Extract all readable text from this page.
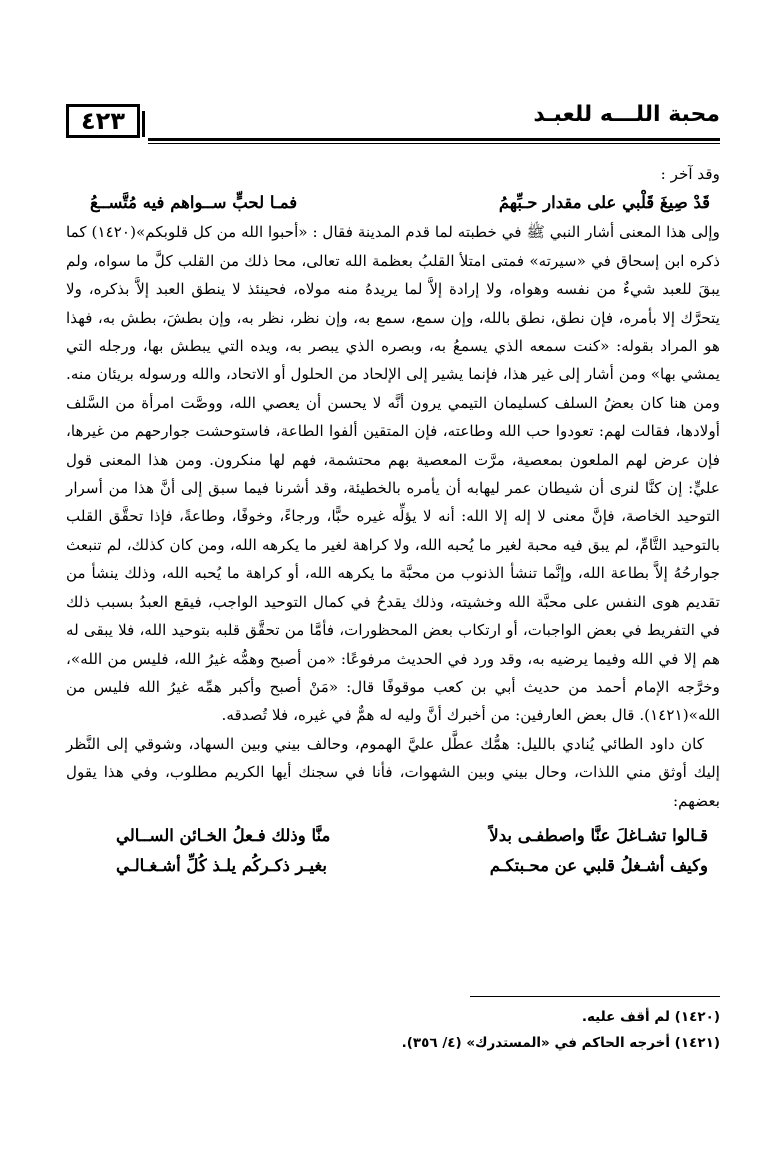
٤٢٣	محبة اللـــه للعبـد

وقد آخر :

قَدْ صِيغَ قَلْبي على مقدار حـبِّهمُ
فمـا لحبٍّ ســواهم فيه مُتَّســعُ

وإلى هذا المعنى أشار النبي ﷺ في خطبته لما قدم المدينة فقال : «أحبوا الله من كل قلوبكم»(١٤٢٠) كما ذكره ابن إسحاق في «سيرته» فمتى امتلأ القلبُ بعظمة الله تعالى، محا ذلك من القلب كلَّ ما سواه، ولم يبقَ للعبد شيءٌ من نفسه وهواه، ولا إرادة إلاَّ لما يريدهُ منه مولاه، فحينئذ لا ينطق العبد إلاَّ بذكره، ولا يتحرَّك إلا بأمره، فإن نطق، نطق بالله، وإن سمع، سمع به، وإن نظر، نظر به، وإن بطشَ، بطش به، فهذا هو المراد بقوله: «كنت سمعه الذي يسمعُ به، وبصره الذي يبصر به، ويده التي يبطش بها، ورجله التي يمشي بها» ومن أشار إلى غير هذا، فإنما يشير إلى الإلحاد من الحلول أو الاتحاد، والله ورسوله بريئان منه. ومن هنا كان بعضُ السلف كسليمان التيمي يرون أنَّه لا يحسن أن يعصي الله، ووصَّت امرأة من السَّلف أولادها، فقالت لهم: تعودوا حب الله وطاعته، فإن المتقين ألفوا الطاعة، فاستوحشت جوارحهم من غيرها، فإن عرض لهم الملعون بمعصية، مرَّت المعصية بهم محتشمة، فهم لها منكرون. ومن هذا المعنى قول عليٍّ: إن كنَّا لنرى أن شيطان عمر ليهابه أن يأمره بالخطيئة، وقد أشرنا فيما سبق إلى أنَّ هذا من أسرار التوحيد الخاصة، فإنَّ معنى لا إله إلا الله: أنه لا يؤلِّه غيره حبًّا، ورجاءً، وخوفًا، وطاعةً، فإذا تحقَّق القلب بالتوحيد التَّامِّ، لم يبق فيه محبة لغير ما يُحبه الله، ولا كراهة لغير ما يكرهه الله، ومن كان كذلك، لم تنبعث جوارحُهُ إلاَّ بطاعة الله، وإنَّما تنشأ الذنوب من محبَّة ما يكرهه الله، أو كراهة ما يُحبه الله، وذلك ينشأ من تقديم هوى النفس على محبَّة الله وخشيته، وذلك يقدحُ في كمال التوحيد الواجب، فيقع العبدُ بسبب ذلك في التفريط في بعض الواجبات، أو ارتكاب بعض المحظورات، فأمَّا من تحقَّق قلبه بتوحيد الله، فلا يبقى له هم إلا في الله وفيما يرضيه به، وقد ورد في الحديث مرفوعًا: «من أصبح وهمُّه غيرُ الله، فليس من الله»، وخرَّجه الإمام أحمد من حديث أبي بن كعب موقوفًا قال: «مَنْ أصبح وأكبر همِّه غيرُ الله فليس من الله»(١٤٢١). قال بعض العارفين: من أخبرك أنَّ وليه له همٌّ في غيره، فلا تُصدقه.

كان داود الطائي يُنادي بالليل: همُّك عطَّل عليَّ الهموم، وحالف بيني وبين السهاد، وشوقي إلى النَّظر إليك أوثق مني اللذات، وحال بيني وبين الشهوات، فأنا في سجنك أيها الكريم مطلوب، وفي هذا يقول بعضهم:

قـالوا تشـاغلَ عنَّا واصطفـى بدلاً
منَّا وذلك فـعلُ الخـائن الســالي
وكيف أشـغلُ قلبي عن محـبتكـم
بغيـر ذكـركُم يلـذ كُلِّ أشـغـالـي
(١٤٢٠) لم أقف عليه.
(١٤٢١) أخرجه الحاكم في «المستدرك» (٤/ ٣٥٦).
